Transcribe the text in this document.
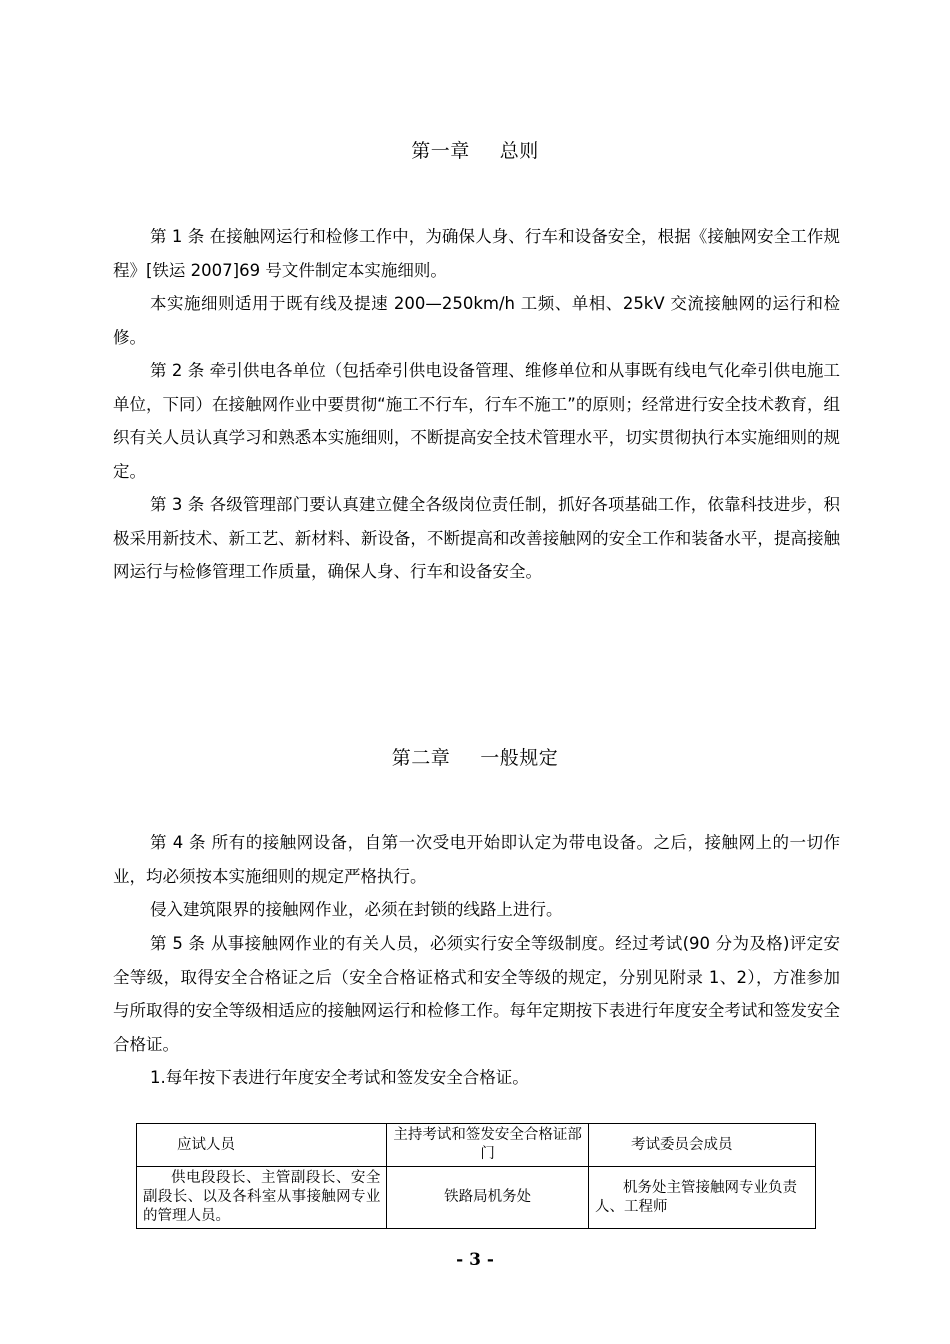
第一章 总则

第 1 条 在接触网运行和检修工作中，为确保人身、行车和设备安全，根据《接触网安全工作规程》[铁运 2007]69 号文件制定本实施细则。

本实施细则适用于既有线及提速 200—250km/h 工频、单相、25kV 交流接触网的运行和检修。

第 2 条 牵引供电各单位（包括牵引供电设备管理、维修单位和从事既有线电气化牵引供电施工单位，下同）在接触网作业中要贯彻“施工不行车，行车不施工”的原则；经常进行安全技术教育，组织有关人员认真学习和熟悉本实施细则，不断提高安全技术管理水平，切实贯彻执行本实施细则的规定。

第 3 条 各级管理部门要认真建立健全各级岗位责任制，抓好各项基础工作，依靠科技进步，积极采用新技术、新工艺、新材料、新设备，不断提高和改善接触网的安全工作和装备水平，提高接触网运行与检修管理工作质量，确保人身、行车和设备安全。

第二章 一般规定

第 4 条 所有的接触网设备，自第一次受电开始即认定为带电设备。之后，接触网上的一切作业，均必须按本实施细则的规定严格执行。

侵入建筑限界的接触网作业，必须在封锁的线路上进行。

第 5 条 从事接触网作业的有关人员，必须实行安全等级制度。经过考试(90 分为及格)评定安全等级，取得安全合格证之后（安全合格证格式和安全等级的规定，分别见附录 1、2），方准参加与所取得的安全等级相适应的接触网运行和检修工作。每年定期按下表进行年度安全考试和签发安全合格证。

1.每年按下表进行年度安全考试和签发安全合格证。

应试人员	主持考试和签发安全合格证部门	考试委员会成员
供电段段长、主管副段长、安全副段长、以及各科室从事接触网专业的管理人员。	铁路局机务处	机务处主管接触网专业负责人、工程师
- 3 -
